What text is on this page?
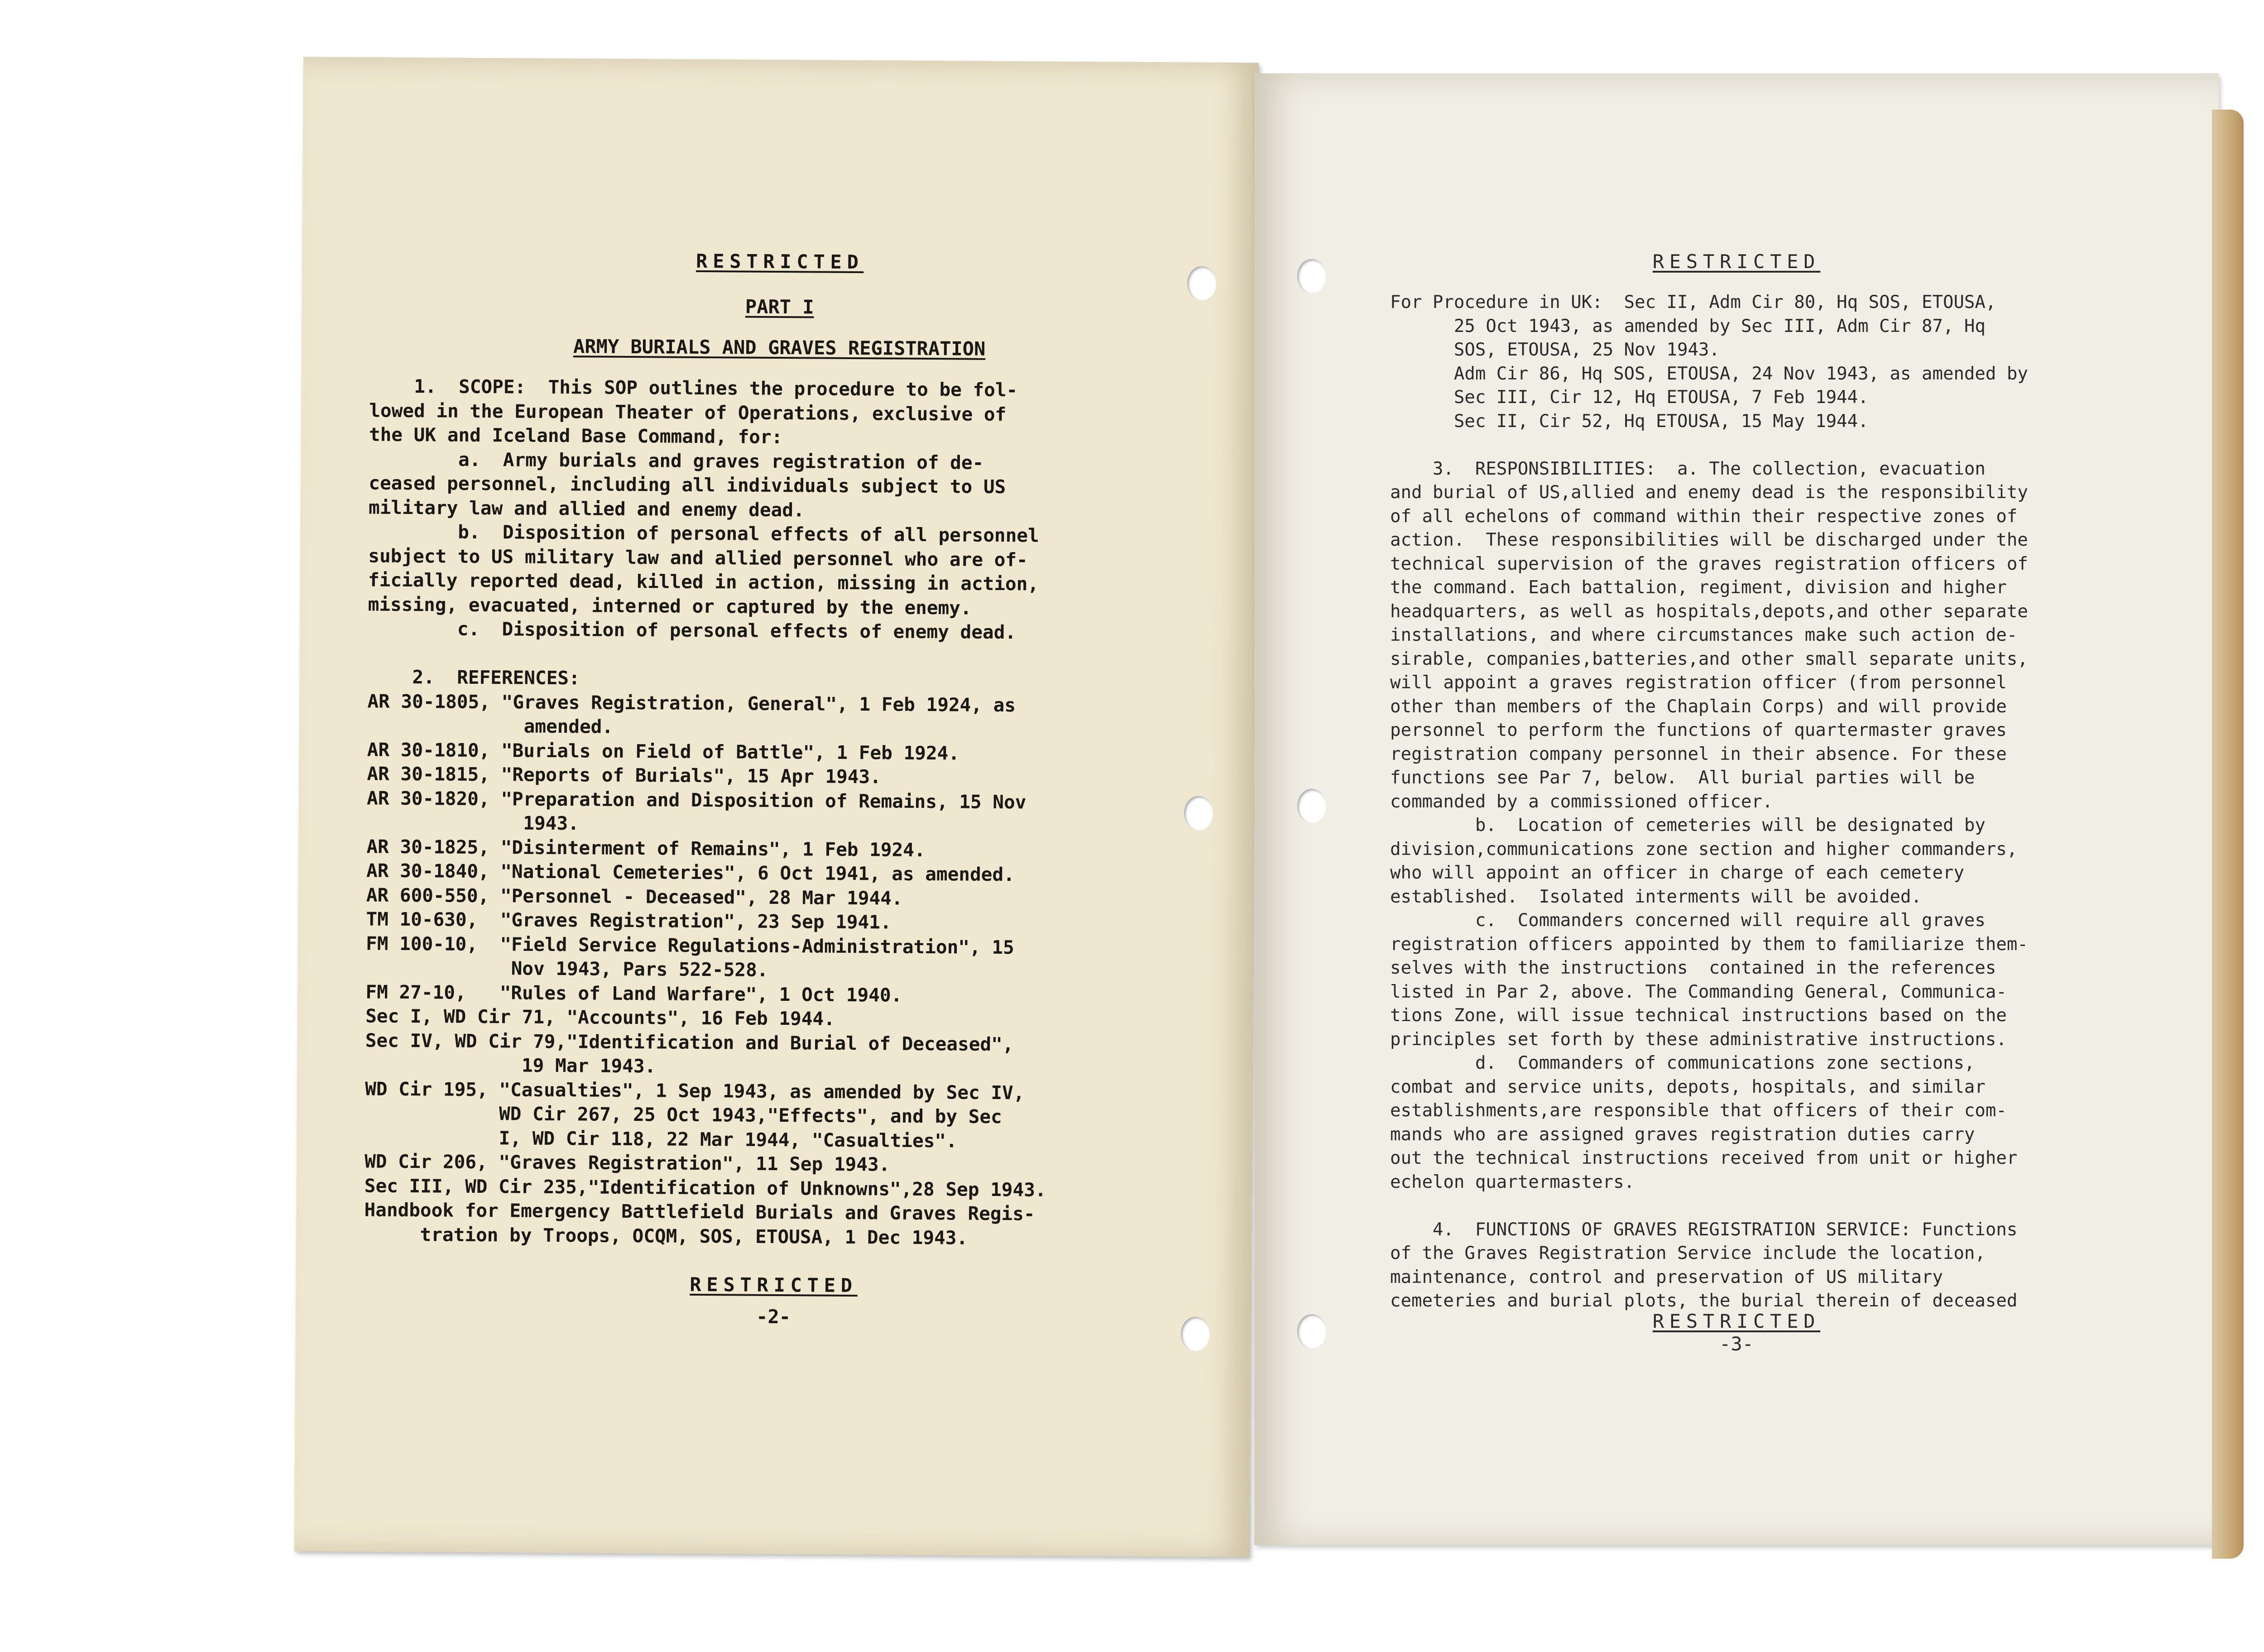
RESTRICTED
PART I
ARMY BURIALS AND GRAVES REGISTRATION
1.  SCOPE:  This SOP outlines the procedure to be fol-
lowed in the European Theater of Operations, exclusive of
the UK and Iceland Base Command, for:
a.  Army burials and graves registration of de-
ceased personnel, including all individuals subject to US
military law and allied and enemy dead.
b.  Disposition of personal effects of all personnel
subject to US military law and allied personnel who are of-
ficially reported dead, killed in action, missing in action,
missing, evacuated, interned or captured by the enemy.
c.  Disposition of personal effects of enemy dead.
2.  REFERENCES:
AR 30-1805, "Graves Registration, General", 1 Feb 1924, as
amended.
AR 30-1810, "Burials on Field of Battle", 1 Feb 1924.
AR 30-1815, "Reports of Burials", 15 Apr 1943.
AR 30-1820, "Preparation and Disposition of Remains, 15 Nov
1943.
AR 30-1825, "Disinterment of Remains", 1 Feb 1924.
AR 30-1840, "National Cemeteries", 6 Oct 1941, as amended.
AR 600-550, "Personnel - Deceased", 28 Mar 1944.
TM 10-630,  "Graves Registration", 23 Sep 1941.
FM 100-10,  "Field Service Regulations-Administration", 15
Nov 1943, Pars 522-528.
FM 27-10,   "Rules of Land Warfare", 1 Oct 1940.
Sec I, WD Cir 71, "Accounts", 16 Feb 1944.
Sec IV, WD Cir 79,"Identification and Burial of Deceased",
19 Mar 1943.
WD Cir 195, "Casualties", 1 Sep 1943, as amended by Sec IV,
WD Cir 267, 25 Oct 1943,"Effects", and by Sec
I, WD Cir 118, 22 Mar 1944, "Casualties".
WD Cir 206, "Graves Registration", 11 Sep 1943.
Sec III, WD Cir 235,"Identification of Unknowns",28 Sep 1943.
Handbook for Emergency Battlefield Burials and Graves Regis-
tration by Troops, OCQM, SOS, ETOUSA, 1 Dec 1943.
RESTRICTED
-2-
RESTRICTED
For Procedure in UK:  Sec II, Adm Cir 80, Hq SOS, ETOUSA,
25 Oct 1943, as amended by Sec III, Adm Cir 87, Hq
SOS, ETOUSA, 25 Nov 1943.
Adm Cir 86, Hq SOS, ETOUSA, 24 Nov 1943, as amended by
Sec III, Cir 12, Hq ETOUSA, 7 Feb 1944.
Sec II, Cir 52, Hq ETOUSA, 15 May 1944.
3.  RESPONSIBILITIES:  a. The collection, evacuation
and burial of US,allied and enemy dead is the responsibility
of all echelons of command within their respective zones of
action.  These responsibilities will be discharged under the
technical supervision of the graves registration officers of
the command. Each battalion, regiment, division and higher
headquarters, as well as hospitals,depots,and other separate
installations, and where circumstances make such action de-
sirable, companies,batteries,and other small separate units,
will appoint a graves registration officer (from personnel
other than members of the Chaplain Corps) and will provide
personnel to perform the functions of quartermaster graves
registration company personnel in their absence. For these
functions see Par 7, below.  All burial parties will be
commanded by a commissioned officer.
b.  Location of cemeteries will be designated by
division,communications zone section and higher commanders,
who will appoint an officer in charge of each cemetery
established.  Isolated interments will be avoided.
c.  Commanders concerned will require all graves
registration officers appointed by them to familiarize them-
selves with the instructions  contained in the references
listed in Par 2, above. The Commanding General, Communica-
tions Zone, will issue technical instructions based on the
principles set forth by these administrative instructions.
d.  Commanders of communications zone sections,
combat and service units, depots, hospitals, and similar
establishments,are responsible that officers of their com-
mands who are assigned graves registration duties carry
out the technical instructions received from unit or higher
echelon quartermasters.
4.  FUNCTIONS OF GRAVES REGISTRATION SERVICE: Functions
of the Graves Registration Service include the location,
maintenance, control and preservation of US military
cemeteries and burial plots, the burial therein of deceased
RESTRICTED
-3-
